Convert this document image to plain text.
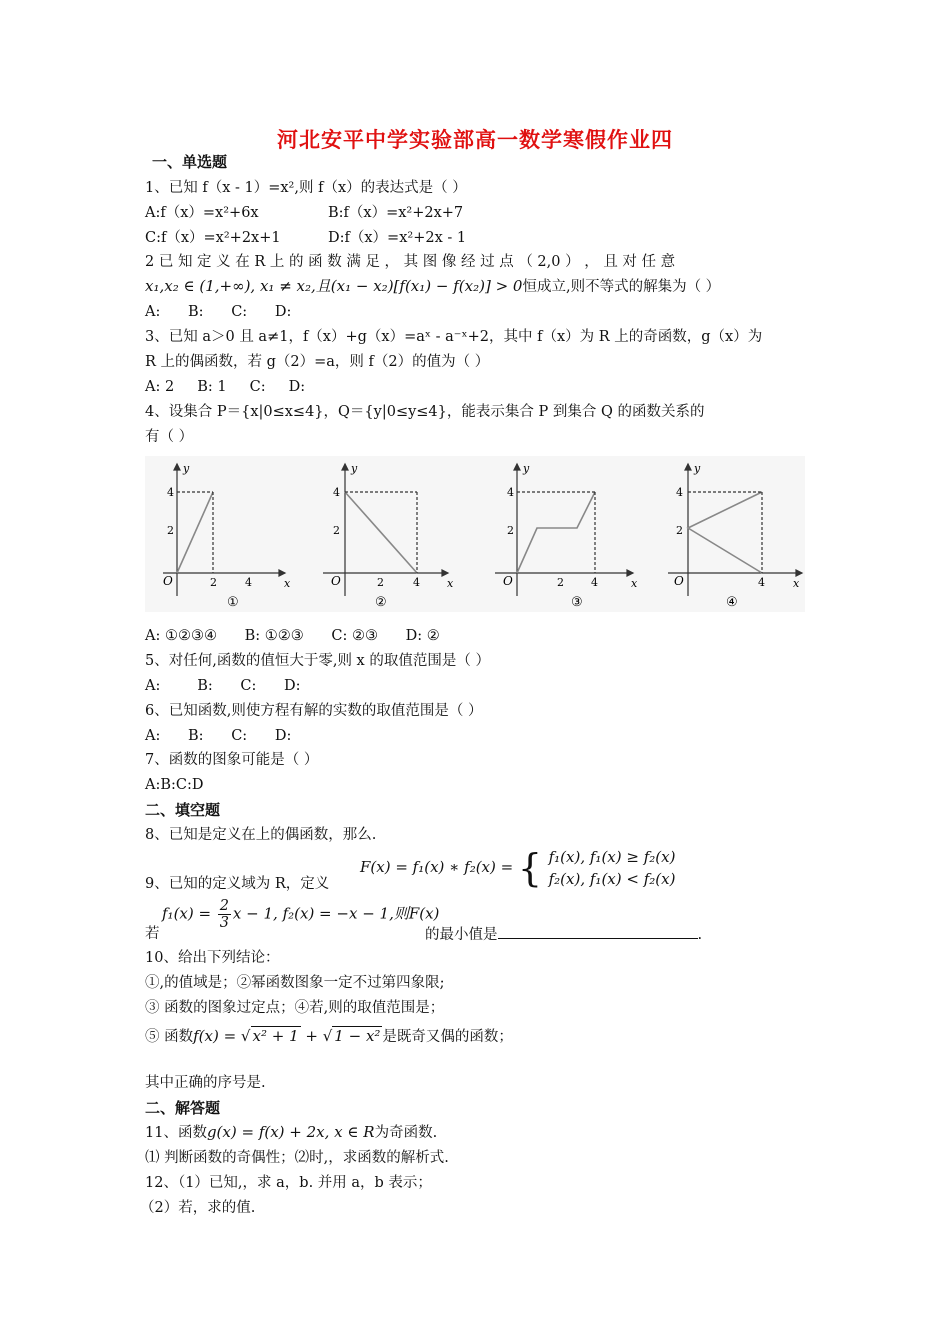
河北安平中学实验部高一数学寒假作业四
一、单选题
1、已知 f（x - 1）=x²,则 f（x）的表达式是（ ）
A:f（x）=x²+6x	B:f（x）=x²+2x+7
C:f（x）=x²+2x+1	D:f（x）=x²+2x - 1
2 已 知 定 义 在 R 上 的 函 数 满 足 ， 其 图 像 经 过 点 （ 2,0 ） ， 且 对 任 意
x₁,x₂ ∈ (1,+∞), x₁ ≠ x₂,且(x₁ − x₂)[f(x₁) − f(x₂)] > 0恒成立,则不等式的解集为（ ）
A:      B:      C:      D:
3、已知 a＞0 且 a≠1，f（x）+g（x）=aˣ - a⁻ˣ+2，其中 f（x）为 R 上的奇函数，g（x）为
R 上的偶函数，若 g（2）=a，则 f（2）的值为（ ）
A: 2     B: 1     C:     D:
4、设集合 P＝{x|0≤x≤4}，Q＝{y|0≤y≤4}，能表示集合 P 到集合 Q 的函数关系的
有（ ）
y
x
O
4
2
2	4
①
y
x
O
4
2
2	4
②
y
x
O
4
2
2 4
③
y
x
O
4
2
4
④
A: ①②③④      B: ①②③      C: ②③      D: ②
5、对任何,函数的值恒大于零,则 x 的取值范围是（ ）
A:        B:      C:      D:
6、已知函数,则使方程有解的实数的取值范围是（ ）
A:      B:      C:      D:
7、函数的图象可能是（ ）
A:B:C:D
二、填空题
8、已知是定义在上的偶函数，那么.
9、已知的定义域为 R，定义
F(x) = f₁(x) ∗ f₂(x) = { f₁(x), f₁(x) ≥ f₂(x)
f₂(x), f₁(x) < f₂(x)
若
$f_1(x) = \frac{2}{3}$ x − 1, f₂(x) = −x − 1,则F(x)
的最小值是	.
10、给出下列结论：
①,的值域是；②幂函数图象一定不过第四象限;
③ 函数的图象过定点；④若,则的取值范围是；
⑤ 函数f(x) = √ x² + 1 + √ 1 − x² 是既奇又偶的函数；
其中正确的序号是.
二、解答题
11、函数g(x) = f(x) + 2x, x ∈ R为奇函数.
⑴ 判断函数的奇偶性；⑵时,，求函数的解析式.
12、（1）已知,，求 a，b. 并用 a，b 表示；
（2）若，求的值.
